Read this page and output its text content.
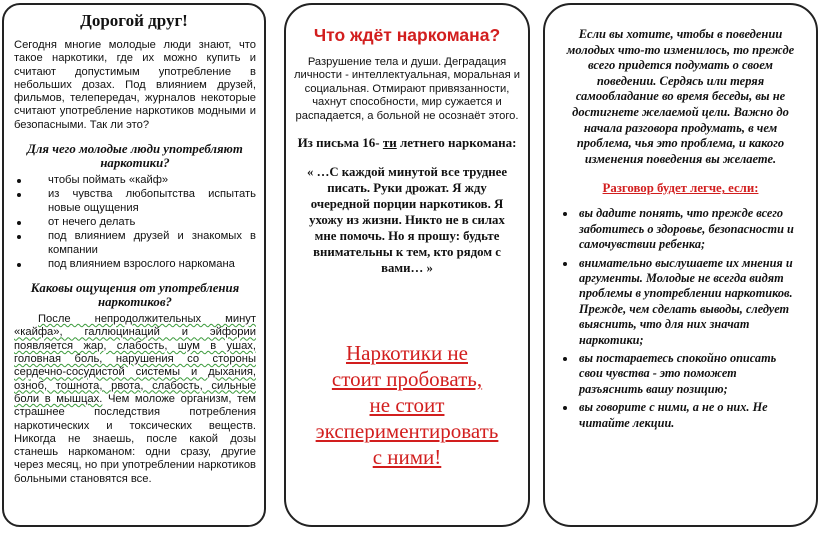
Дорогой друг!
Сегодня многие молодые люди знают, что такое наркотики, где их можно купить и считают допустимым употребление в небольших дозах. Под влиянием друзей, фильмов, телепередач, журналов некоторые считают употребление наркотиков модными и безопасными. Так ли это?
Для чего молодые люди употребляют наркотики?
чтобы поймать «кайф»
из чувства любопытства испытать новые ощущения
от нечего делать
под влиянием друзей и знакомых в компании
под влиянием взрослого наркомана
Каковы ощущения от употребления наркотиков?
После непродолжительных минут «кайфа», галлюцинаций и эйфории появляется жар, слабость, шум в ушах, головная боль, нарушения со стороны сердечно-сосудистой системы и дыхания, озноб, тошнота, рвота, слабость, сильные боли в мышцах. Чем моложе организм, тем страшнее последствия потребления наркотических и токсических веществ. Никогда не знаешь, после какой дозы станешь наркоманом: одни сразу, другие через месяц, но при употреблении наркотиков больными становятся все.
Что ждёт наркомана?
Разрушение тела и души. Деградация личности - интеллектуальная, моральная и социальная. Отмирают привязанности, чахнут способности, мир сужается и распадается, а больной не осознаёт этого.
Из письма 16- ти летнего наркомана:
« …С каждой минутой все труднее писать. Руки дрожат. Я жду очередной порции наркотиков. Я ухожу из жизни. Никто не в силах мне помочь. Но я прошу: будьте внимательны к тем, кто рядом с вами… »
Наркотики не
стоит пробовать,
не стоит
экспериментировать
с ними!
Если вы хотите, чтобы в поведении молодых что-то изменилось, то прежде всего придется подумать о своем поведении. Сердясь или теряя самообладание во время беседы, вы не достигнете желаемой цели. Важно до начала разговора продумать, в чем проблема, чья это проблема, и какого изменения поведения вы желаете.
Разговор будет легче, если:
вы дадите понять, что прежде всего заботитесь о здоровье, безопасности и самочувствии ребенка;
внимательно выслушаете их мнения и аргументы. Молодые не всегда видят проблемы в употреблении наркотиков. Прежде, чем сделать выводы, следует выяснить, что для них значат наркотики;
вы постараетесь спокойно описать свои чувства - это поможет разъяснить вашу позицию;
вы говорите с ними, а не о них. Не читайте лекции.
